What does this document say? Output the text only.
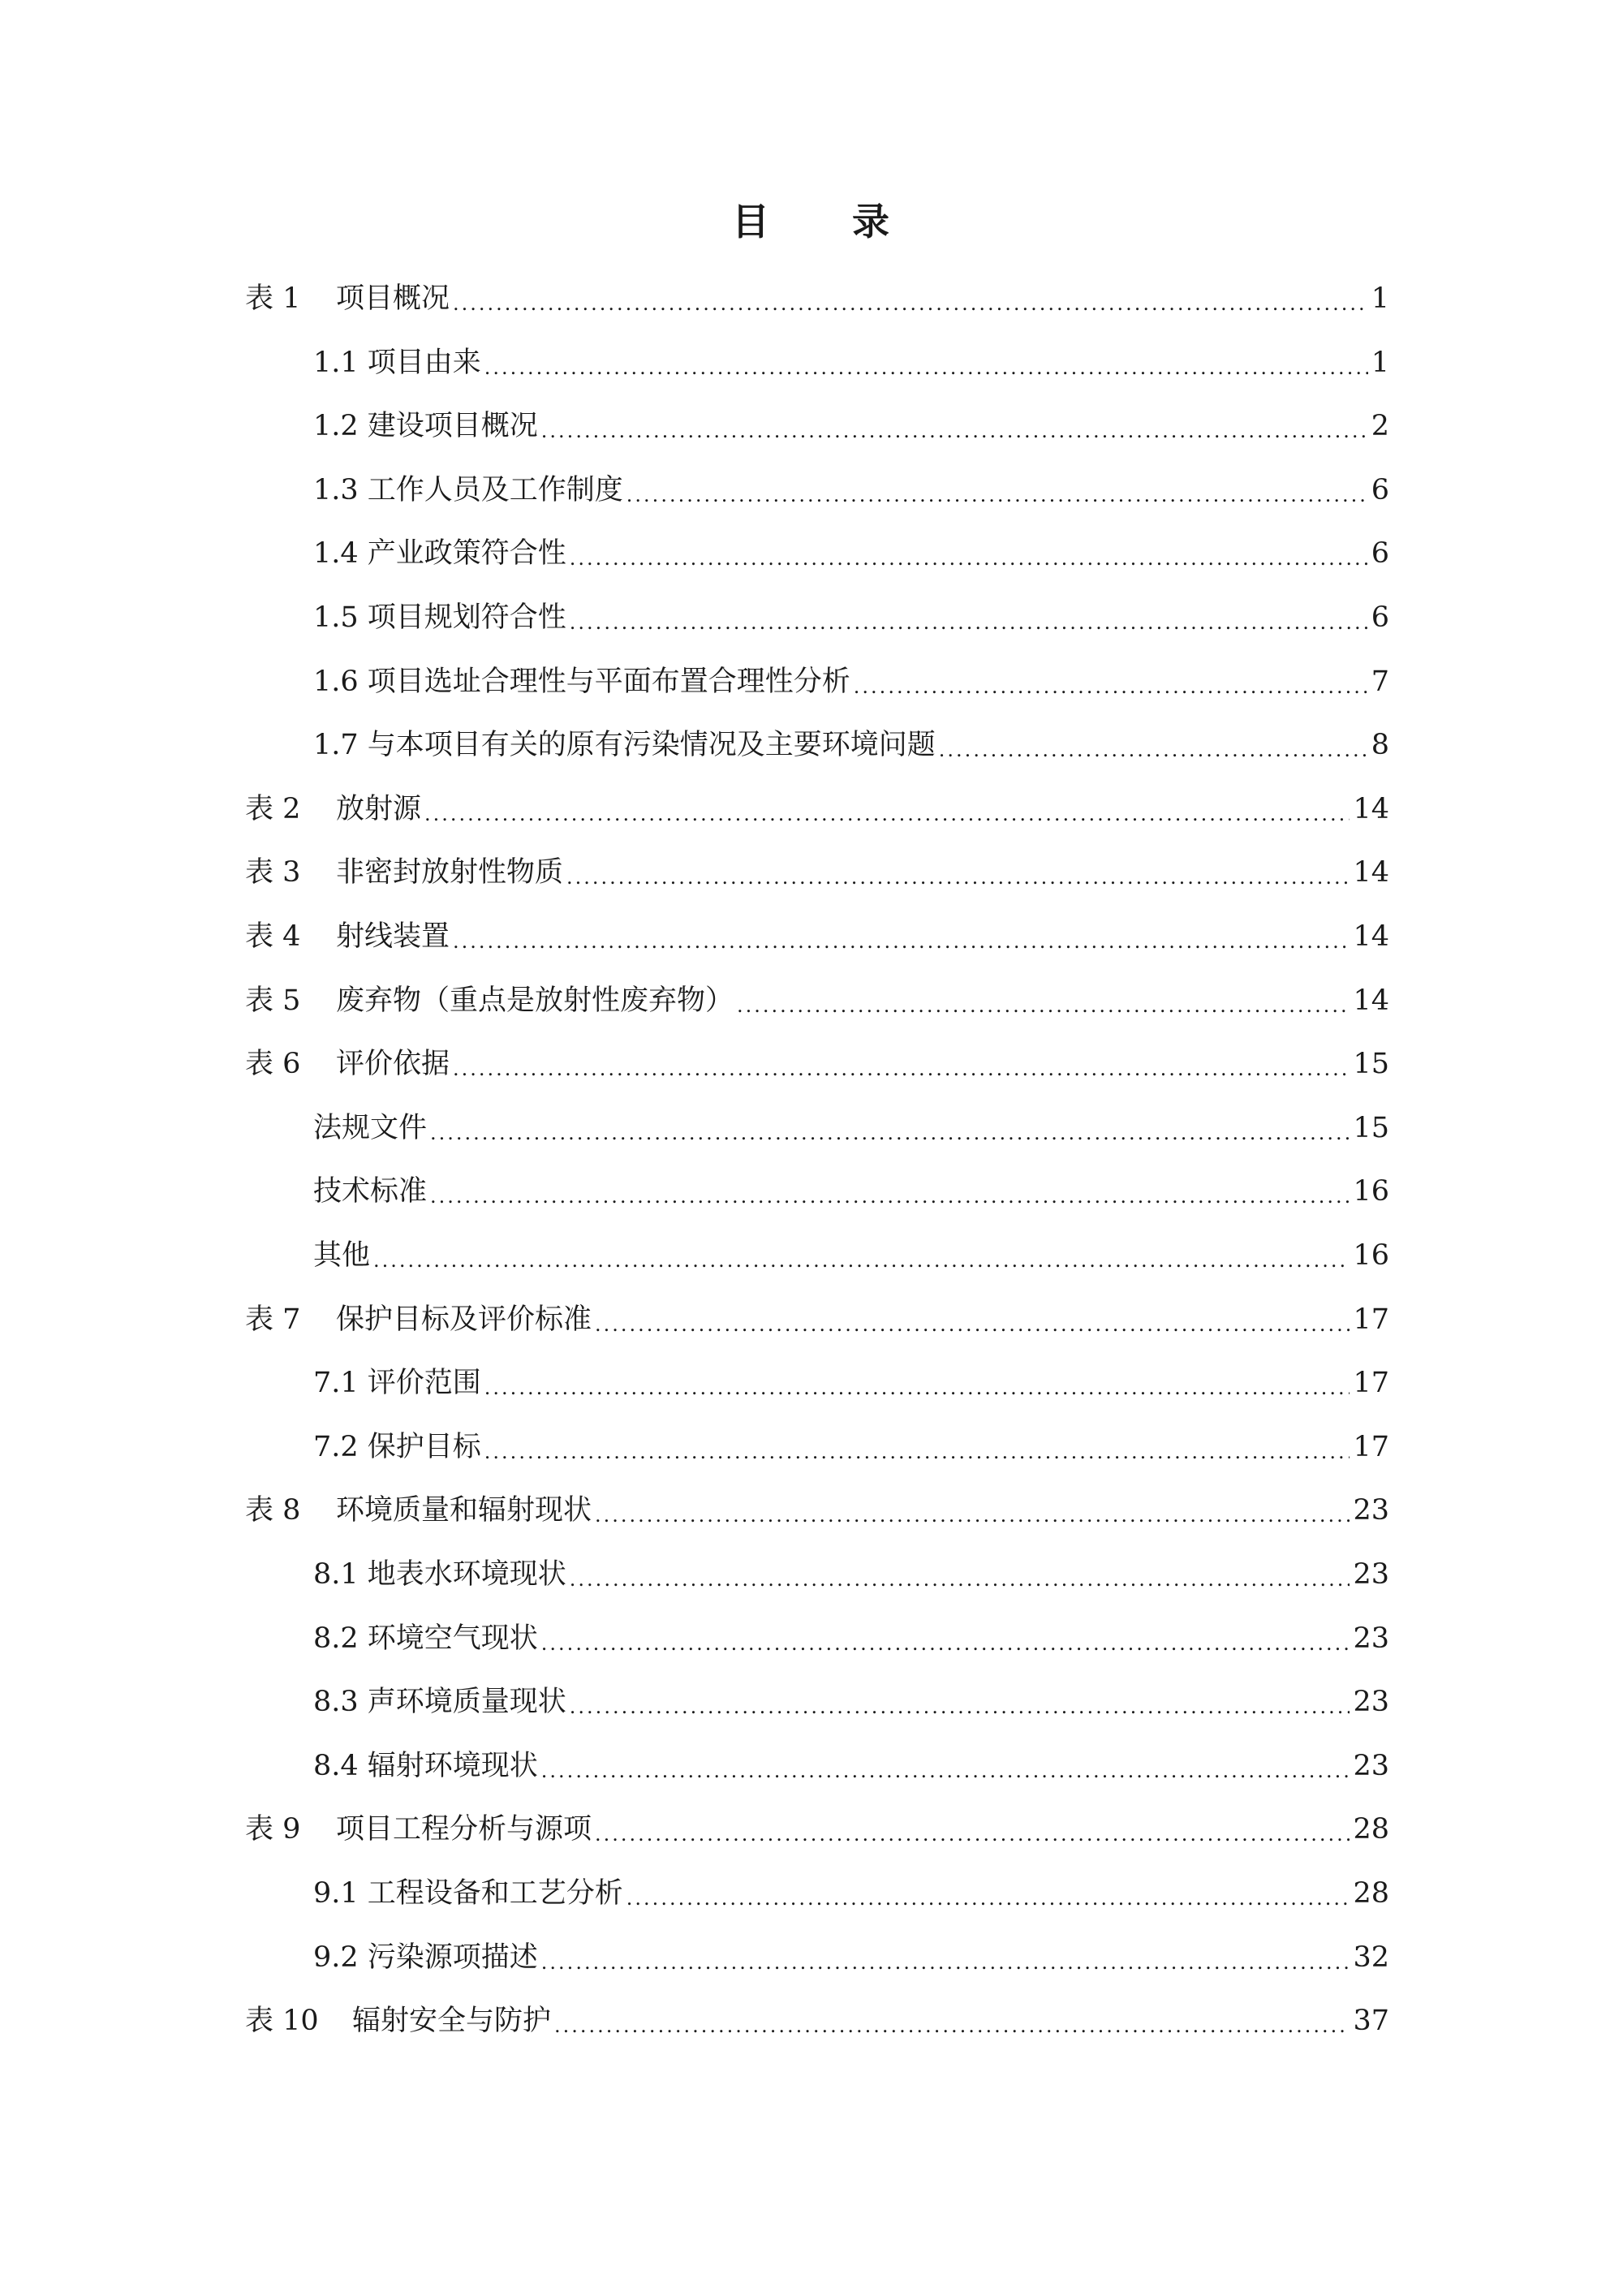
目 录
表 1 项目概况 .....	1
1.1 项目由来 .....	1
1.2 建设项目概况 .....	2
1.3 工作人员及工作制度 .....	6
1.4 产业政策符合性 .....	6
1.5 项目规划符合性 .....	6
1.6 项目选址合理性与平面布置合理性分析 .....	7
1.7 与本项目有关的原有污染情况及主要环境问题 .....	8
表 2 放射源 .....	14
表 3 非密封放射性物质 .....	14
表 4 射线装置 .....	14
表 5 废弃物（重点是放射性废弃物） .....	14
表 6 评价依据 .....	15
法规文件 .....	15
技术标准 .....	16
其他 .....	16
表 7 保护目标及评价标准 .....	17
7.1 评价范围 .....	17
7.2 保护目标 .....	17
表 8 环境质量和辐射现状 .....	23
8.1 地表水环境现状 .....	23
8.2 环境空气现状 .....	23
8.3 声环境质量现状 .....	23
8.4 辐射环境现状 .....	23
表 9 项目工程分析与源项 .....	28
9.1 工程设备和工艺分析 .....	28
9.2 污染源项描述 .....	32
表 10 辐射安全与防护 .....	37
